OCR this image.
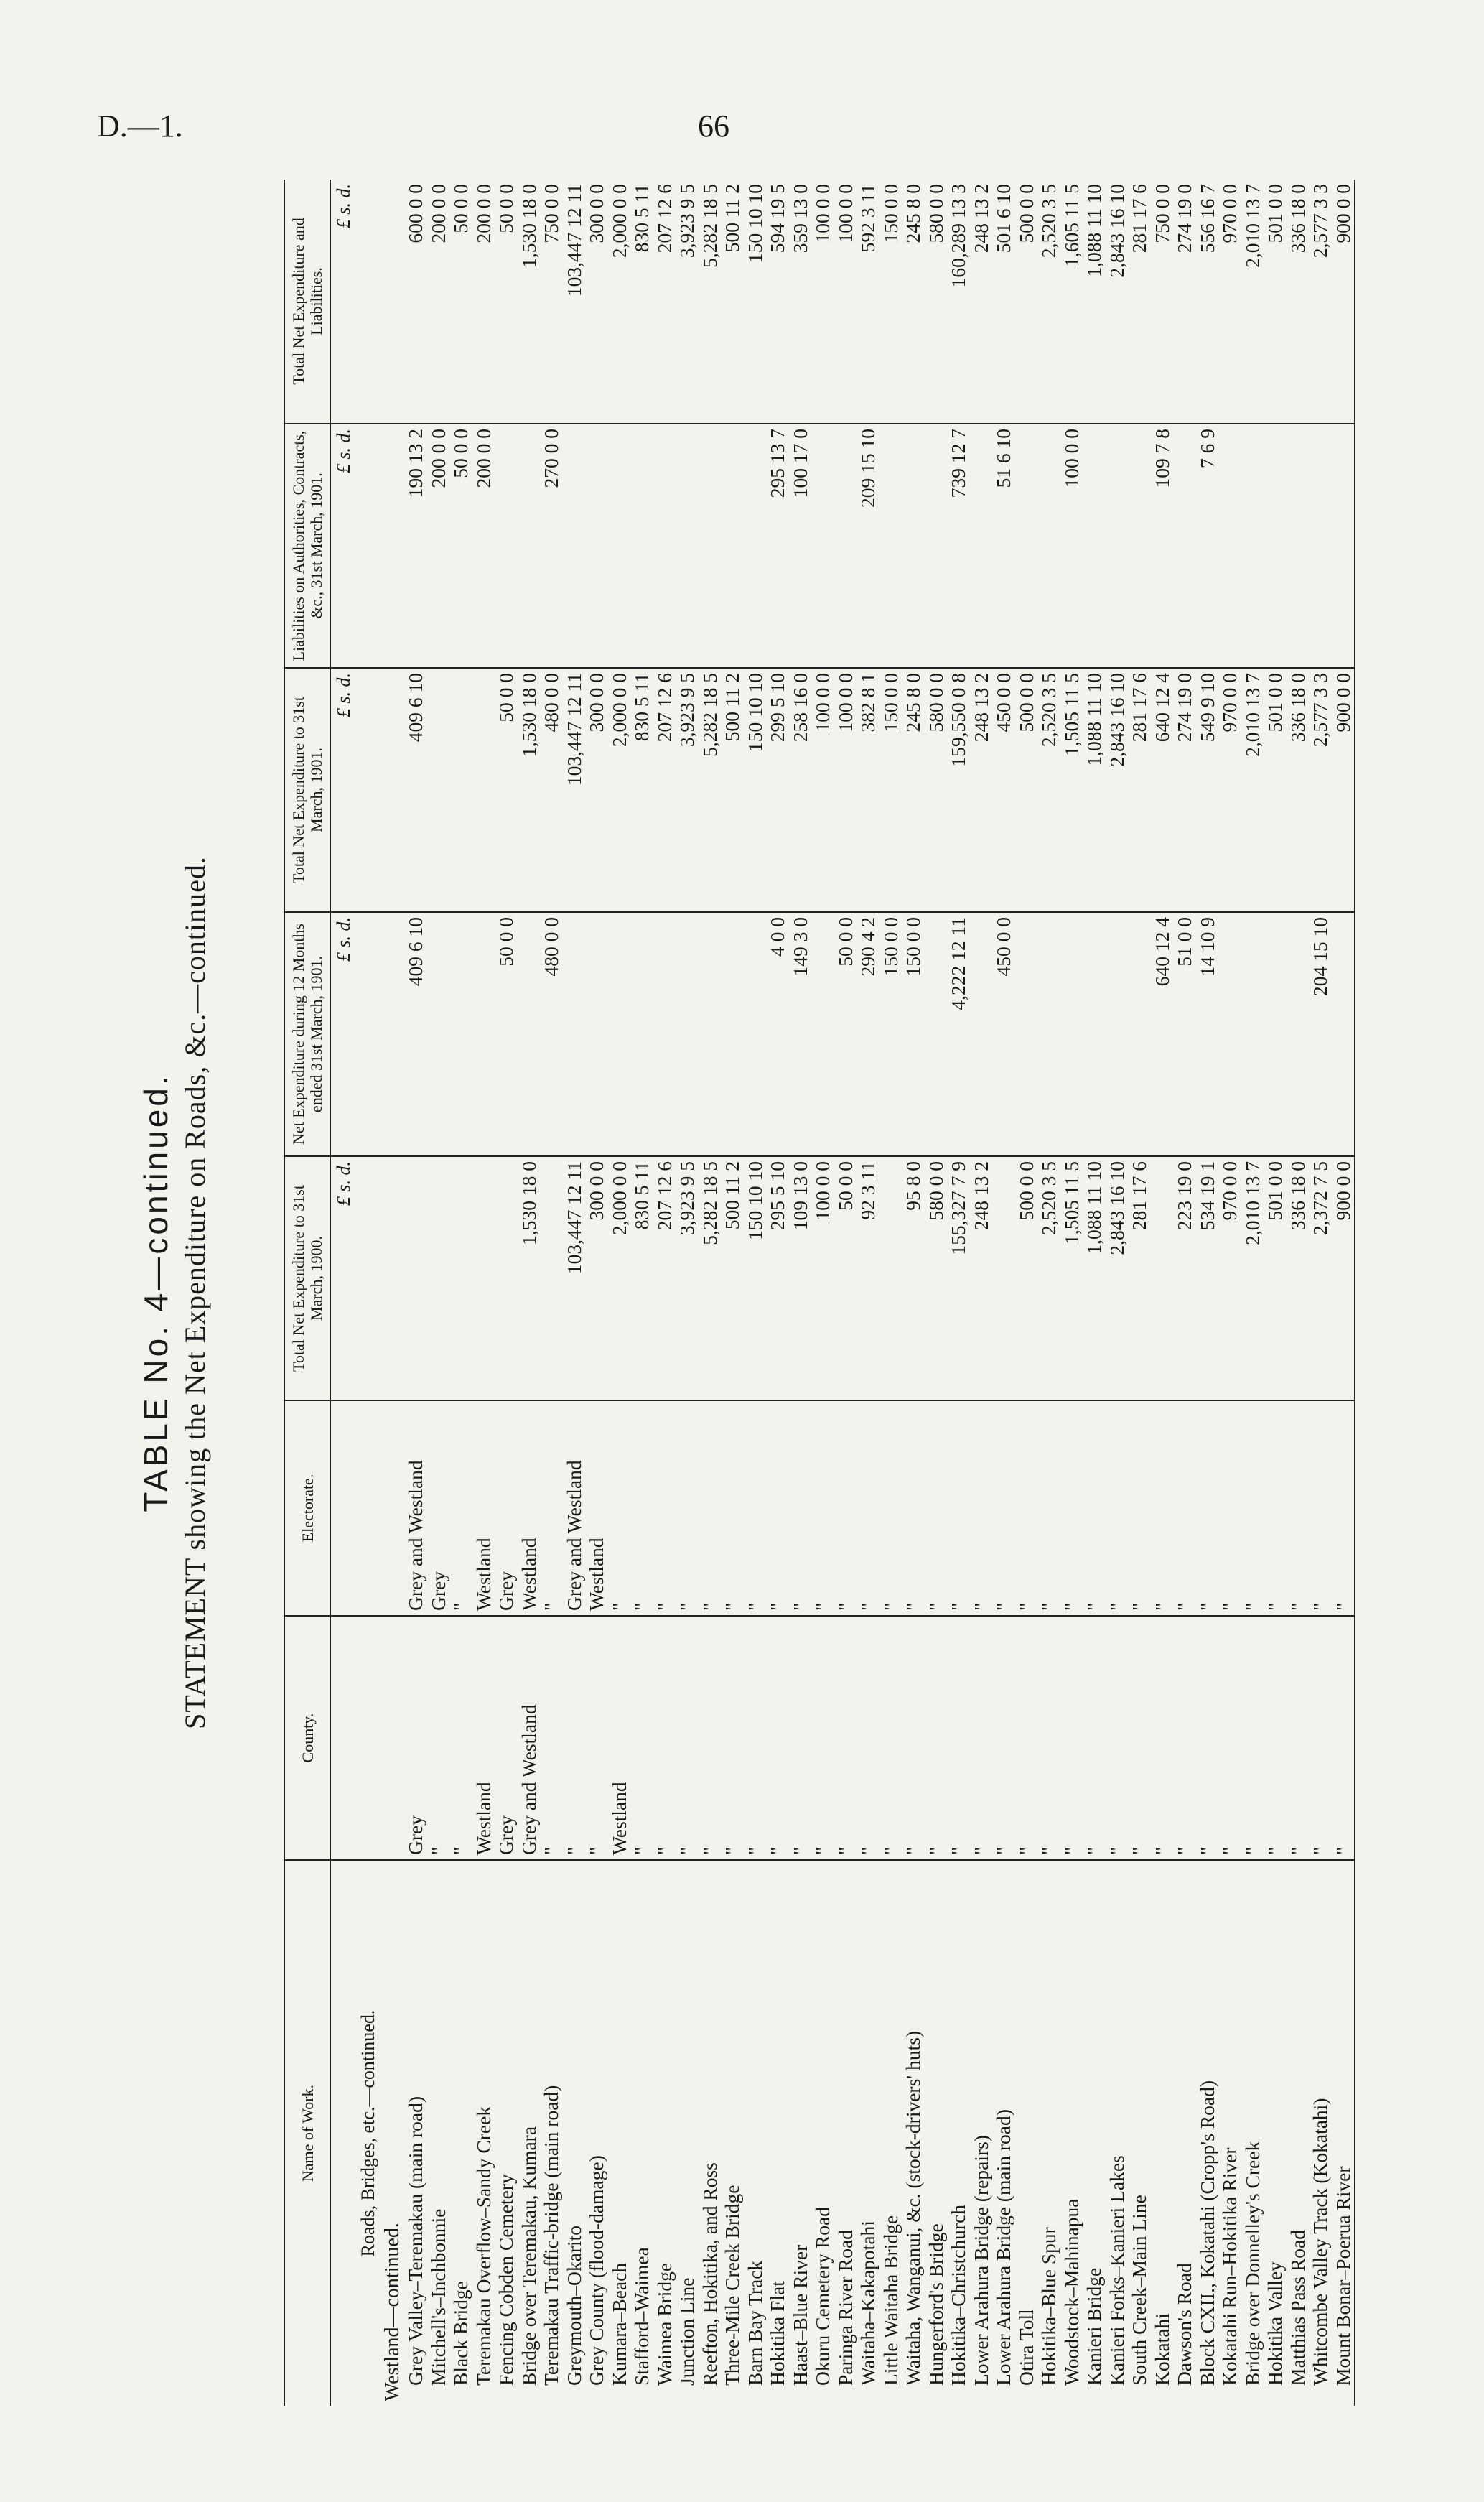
D.—1.	66
TABLE No. 4—continued. STATEMENT showing the Net Expenditure on Roads, &c.—continued.
Name of Work.	County.	Electorate.	Total Net Expenditure to 31st March, 1900.	Net Expenditure during 12 Months ended 31st March, 1901.	Total Net Expenditure to 31st March, 1901.	Liabilities on Authorities, Contracts, &c., 31st March, 1901.	Total Net Expenditure and Liabilities.
			£ s. d.	£ s. d.	£ s. d.	£ s. d.	£ s. d.
Roads, Bridges, etc.—continued.							
Westland—continued.							
Grey Valley–Teremakau (main road)	Grey	Grey and Westland		409 6 10	409 6 10	190 13 2	600 0 0
Mitchell's–Inchbonnie	"	Grey				200 0 0	200 0 0
Black Bridge	"	"				50 0 0	50 0 0
Teremakau Overflow–Sandy Creek	Westland	Westland				200 0 0	200 0 0
Fencing Cobden Cemetery	Grey	Grey		50 0 0	50 0 0		50 0 0
Bridge over Teremakau, Kumara	Grey and Westland	Westland	1,530 18 0		1,530 18 0		1,530 18 0
Teremakau Traffic-bridge (main road)	"	"		480 0 0	480 0 0	270 0 0	750 0 0
Greymouth–Okarito	"	Grey and Westland	103,447 12 11		103,447 12 11		103,447 12 11
Grey County (flood-damage)	"	Westland	300 0 0		300 0 0		300 0 0
Kumara–Beach	Westland	"	2,000 0 0		2,000 0 0		2,000 0 0
Stafford–Waimea	"	"	830 5 11		830 5 11		830 5 11
Waimea Bridge	"	"	207 12 6		207 12 6		207 12 6
Junction Line	"	"	3,923 9 5		3,923 9 5		3,923 9 5
Reefton, Hokitika, and Ross	"	"	5,282 18 5		5,282 18 5		5,282 18 5
Three-Mile Creek Bridge	"	"	500 11 2		500 11 2		500 11 2
Barn Bay Track	"	"	150 10 10		150 10 10		150 10 10
Hokitika Flat	"	"	295 5 10	4 0 0	299 5 10	295 13 7	594 19 5
Haast–Blue River	"	"	109 13 0	149 3 0	258 16 0	100 17 0	359 13 0
Okuru Cemetery Road	"	"	100 0 0		100 0 0		100 0 0
Paringa River Road	"	"	50 0 0	50 0 0	100 0 0		100 0 0
Waitaha–Kakapotahi	"	"	92 3 11	290 4 2	382 8 1	209 15 10	592 3 11
Little Waitaha Bridge	"	"		150 0 0	150 0 0		150 0 0
Waitaha, Wanganui, &c. (stock-drivers' huts)	"	"	95 8 0	150 0 0	245 8 0		245 8 0
Hungerford's Bridge	"	"	580 0 0		580 0 0		580 0 0
Hokitika–Christchurch	"	"	155,327 7 9	4,222 12 11	159,550 0 8	739 12 7	160,289 13 3
Lower Arahura Bridge (repairs)	"	"	248 13 2		248 13 2		248 13 2
Lower Arahura Bridge (main road)	"	"		450 0 0	450 0 0	51 6 10	501 6 10
Otira Toll	"	"	500 0 0		500 0 0		500 0 0
Hokitika–Blue Spur	"	"	2,520 3 5		2,520 3 5		2,520 3 5
Woodstock–Mahinapua	"	"	1,505 11 5		1,505 11 5	100 0 0	1,605 11 5
Kanieri Bridge	"	"	1,088 11 10		1,088 11 10		1,088 11 10
Kanieri Forks–Kanieri Lakes	"	"	2,843 16 10		2,843 16 10		2,843 16 10
South Creek–Main Line	"	"	281 17 6		281 17 6		281 17 6
Kokatahi	"	"		640 12 4	640 12 4	109 7 8	750 0 0
Dawson's Road	"	"	223 19 0	51 0 0	274 19 0		274 19 0
Block CXII., Kokatahi (Cropp's Road)	"	"	534 19 1	14 10 9	549 9 10	7 6 9	556 16 7
Kokatahi Run–Hokitika River	"	"	970 0 0		970 0 0		970 0 0
Bridge over Donnelley's Creek	"	"	2,010 13 7		2,010 13 7		2,010 13 7
Hokitika Valley	"	"	501 0 0		501 0 0		501 0 0
Matthias Pass Road	"	"	336 18 0		336 18 0		336 18 0
Whitcombe Valley Track (Kokatahi)	"	"	2,372 7 5	204 15 10	2,577 3 3		2,577 3 3
Mount Bonar–Poerua River	"	"	900 0 0		900 0 0		900 0 0
